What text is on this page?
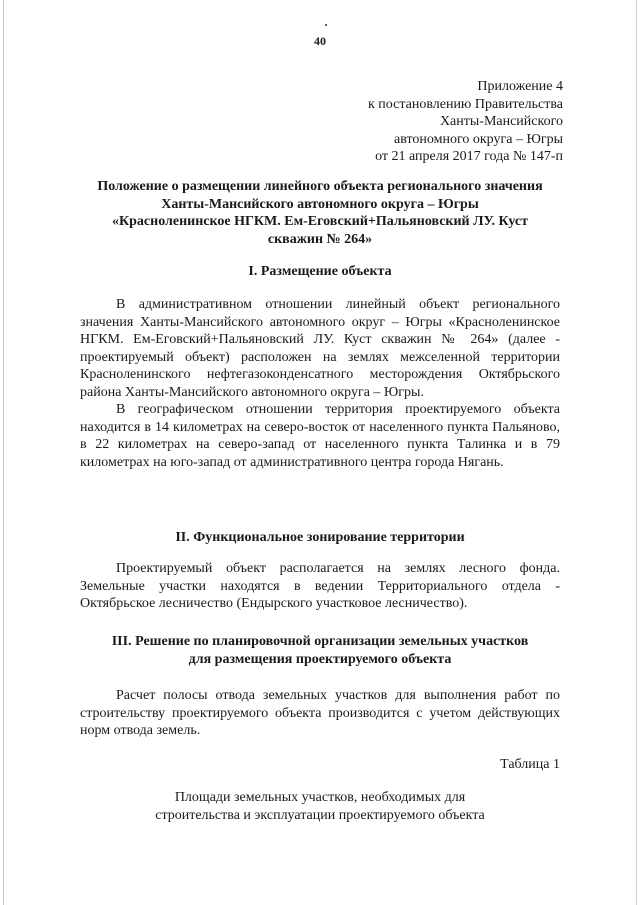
40
Приложение 4
к постановлению Правительства
Ханты-Мансийского
автономного округа – Югры
от 21 апреля 2017 года № 147-п
Положение о размещении линейного объекта регионального значения
Ханты-Мансийского автономного округа – Югры
«Красноленинское НГКМ. Ем-Еговский+Пальяновский ЛУ. Куст
скважин № 264»
I. Размещение объекта

В административном отношении линейный объект регионального значения Ханты-Мансийского автономного округ – Югры «Красноленинское НГКМ. Ем-Еговский+Пальяновский ЛУ. Куст скважин № 264» (далее - проектируемый объект) расположен на землях межселенной территории Красноленинского нефтегазоконденсатного месторождения Октябрьского района Ханты-Мансийского автономного округа – Югры.

В географическом отношении территория проектируемого объекта находится в 14 километрах на северо-восток от населенного пункта Пальяново, в 22 километрах на северо-запад от населенного пункта Талинка и в 79 километрах на юго-запад от административного центра города Нягань.

II. Функциональное зонирование территории

Проектируемый объект располагается на землях лесного фонда. Земельные участки находятся в ведении Территориального отдела - Октябрьское лесничество (Ендырского участковое лесничество).

III. Решение по планировочной организации земельных участков
для размещения проектируемого объекта

Расчет полосы отвода земельных участков для выполнения работ по строительству проектируемого объекта производится с учетом действующих норм отвода земель.

Таблица 1
Площади земельных участков, необходимых для
строительства и эксплуатации проектируемого объекта
